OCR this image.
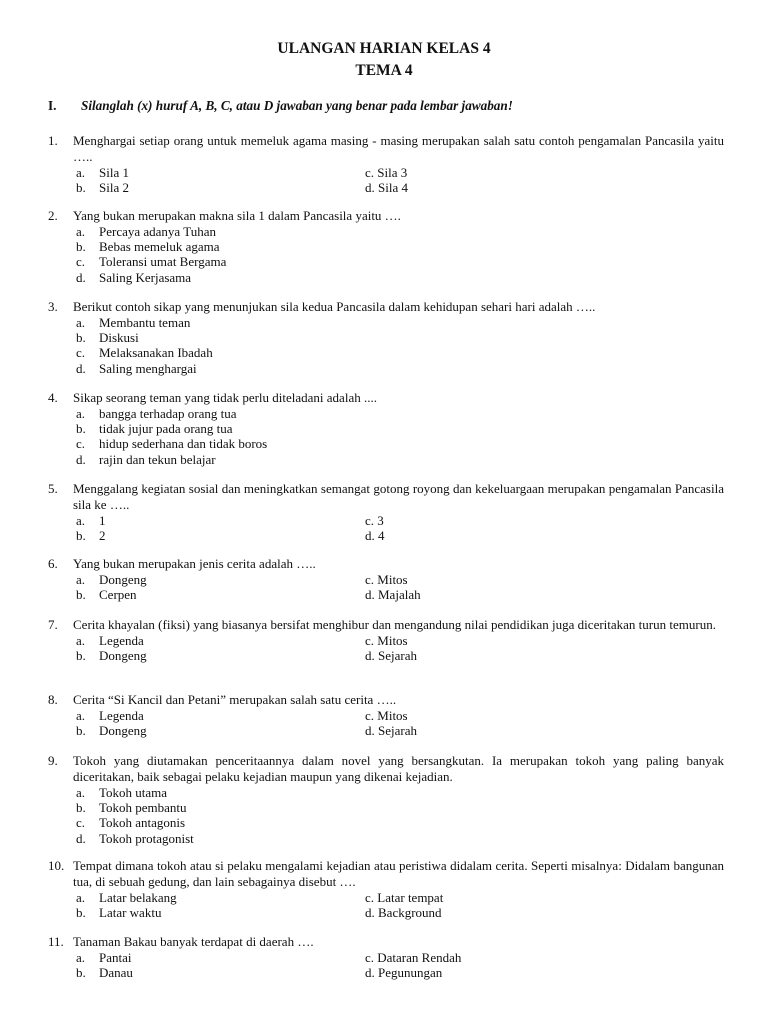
ULANGAN HARIAN KELAS 4
TEMA 4
I. Silanglah (x) huruf A, B, C, atau D jawaban yang benar pada lembar jawaban!
1. Menghargai setiap orang untuk memeluk agama masing - masing merupakan salah satu contoh pengamalan Pancasila yaitu …..
a. Sila 1	c. Sila 3
b. Sila 2	d. Sila 4
2. Yang bukan merupakan makna sila 1 dalam Pancasila yaitu ….
a. Percaya adanya Tuhan
b. Bebas memeluk agama
c. Toleransi umat Bergama
d. Saling Kerjasama
3. Berikut contoh sikap yang menunjukan sila kedua Pancasila dalam kehidupan sehari hari adalah …..
a. Membantu teman
b. Diskusi
c. Melaksanakan Ibadah
d. Saling menghargai
4. Sikap seorang teman yang tidak perlu diteladani adalah ....
a. bangga terhadap orang tua
b. tidak jujur pada orang tua
c. hidup sederhana dan tidak boros
d. rajin dan tekun belajar
5. Menggalang kegiatan sosial dan meningkatkan semangat gotong royong dan kekeluargaan merupakan pengamalan Pancasila sila ke …..
a. 1	c. 3
b. 2	d. 4
6. Yang bukan merupakan jenis cerita adalah …..
a. Dongeng	c. Mitos
b. Cerpen	d. Majalah
7. Cerita khayalan (fiksi) yang biasanya bersifat menghibur dan mengandung nilai pendidikan juga diceritakan turun temurun.
a. Legenda	c. Mitos
b. Dongeng	d. Sejarah
8. Cerita “Si Kancil dan Petani” merupakan salah satu cerita …..
a. Legenda	c. Mitos
b. Dongeng	d. Sejarah
9. Tokoh yang diutamakan penceritaannya dalam novel yang bersangkutan. Ia merupakan tokoh yang paling banyak diceritakan, baik sebagai pelaku kejadian maupun yang dikenai kejadian.
a. Tokoh utama
b. Tokoh pembantu
c. Tokoh antagonis
d. Tokoh protagonist
10. Tempat dimana tokoh atau si pelaku mengalami kejadian atau peristiwa didalam cerita. Seperti misalnya: Didalam bangunan tua, di sebuah gedung, dan lain sebagainya disebut ….
a. Latar belakang	c. Latar tempat
b. Latar waktu	d. Background
11. Tanaman Bakau banyak terdapat di daerah ….
a. Pantai	c. Dataran Rendah
b. Danau	d. Pegunungan
